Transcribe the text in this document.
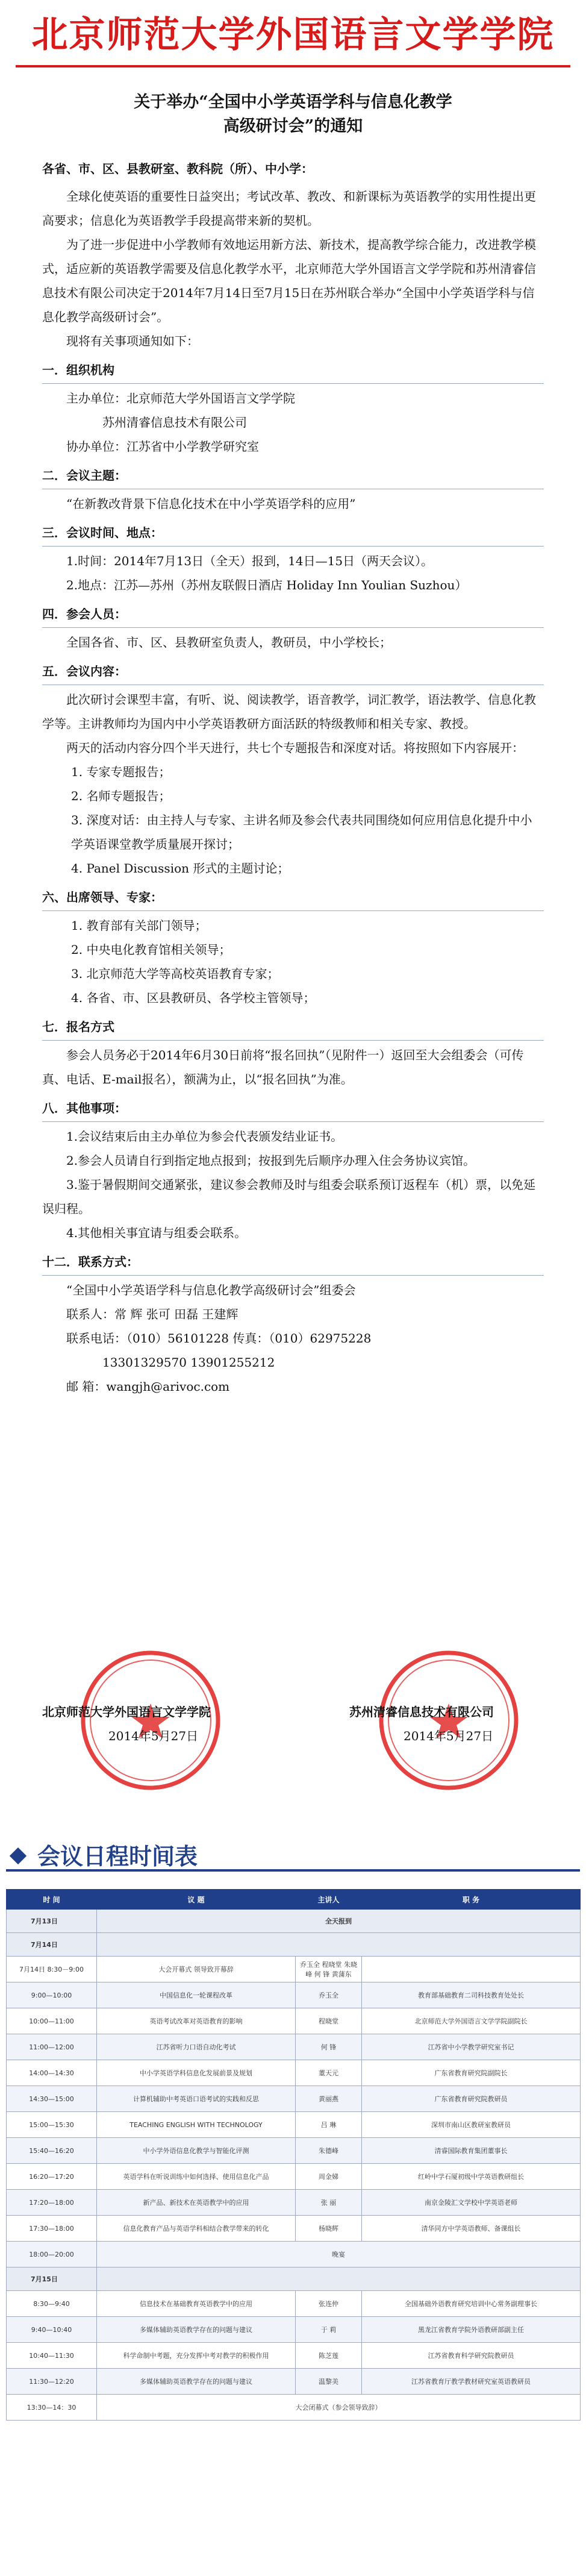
北京师范大学外国语言文学学院
关于举办“全国中小学英语学科与信息化教学
高级研讨会”的通知

各省、市、区、县教研室、教科院（所）、中小学：

全球化使英语的重要性日益突出；考试改革、教改、和新课标为英语教学的实用性提出更高要求；信息化为英语教学手段提高带来新的契机。

为了进一步促进中小学教师有效地运用新方法、新技术，提高教学综合能力，改进教学模式，适应新的英语教学需要及信息化教学水平，北京师范大学外国语言文学学院和苏州清睿信息技术有限公司决定于2014年7月14日至7月15日在苏州联合举办“全国中小学英语学科与信息化教学高级研讨会”。

现将有关事项通知如下：

一．组织机构

主办单位：北京师范大学外国语言文学学院

苏州清睿信息技术有限公司

协办单位：江苏省中小学教学研究室

二．会议主题：

“在新教改背景下信息化技术在中小学英语学科的应用”

三．会议时间、地点：

1.时间：2014年7月13日（全天）报到，14日—15日（两天会议）。

2.地点：江苏—苏州（苏州友联假日酒店 Holiday Inn Youlian Suzhou）

四．参会人员：

全国各省、市、区、县教研室负责人，教研员，中小学校长；

五．会议内容：

此次研讨会课型丰富，有听、说、阅读教学，语音教学，词汇教学，语法教学、信息化教学等。主讲教师均为国内中小学英语教研方面活跃的特级教师和相关专家、教授。

两天的活动内容分四个半天进行，共七个专题报告和深度对话。将按照如下内容展开：

1. 专家专题报告；

2. 名师专题报告；

3. 深度对话：由主持人与专家、主讲名师及参会代表共同围绕如何应用信息化提升中小学英语课堂教学质量展开探讨；

4. Panel Discussion 形式的主题讨论；

六、出席领导、专家：

1. 教育部有关部门领导；

2. 中央电化教育馆相关领导；

3. 北京师范大学等高校英语教育专家；

4. 各省、市、区县教研员、各学校主管领导；

七．报名方式

参会人员务必于2014年6月30日前将“报名回执”（见附件一）返回至大会组委会（可传真、电话、E-mail报名），额满为止，以“报名回执”为准。

八．其他事项：

1.会议结束后由主办单位为参会代表颁发结业证书。

2.参会人员请自行到指定地点报到；按报到先后顺序办理入住会务协议宾馆。

3.鉴于暑假期间交通紧张，建议参会教师及时与组委会联系预订返程车（机）票，以免延误归程。

4.其他相关事宜请与组委会联系。

十二．联系方式：

“全国中小学英语学科与信息化教学高级研讨会”组委会

联系人：常 辉 张可 田磊 王建辉

联系电话：（010）56101228 传真：（010）62975228

13301329570 13901255212

邮 箱：wangjh@arivoc.com

北京师范大学外国语言文学学院
2014年5月27日
苏州清睿信息技术有限公司
2014年5月27日
会议日程时间表
时 间	议 题	主讲人	职 务
7月13日	全天报到		
7月14日			
7月14日 8:30－9:00	大会开幕式 领导致开幕辞	乔玉全 程晓堂 朱晓峰 何 锋 黄蒲东	
9:00—10:00	中国信息化一轮课程改革	乔玉全	教育部基础教育二司科技教育处处长
10:00—11:00	英语考试改革对英语教育的影响	程晓堂	北京师范大学外国语言文学学院副院长
11:00—12:00	江苏省听力口语自动化考试	何 锋	江苏省中小学教学研究室书记
14:00—14:30	中小学英语学科信息化发展前景及规划	董天元	广东省教育研究院副院长
14:30—15:00	计算机辅助中考英语口语考试的实践和反思	黄丽燕	广东省教育研究院教研员
15:00—15:30	TEACHING ENGLISH WITH TECHNOLOGY	吕 琳	深圳市南山区教研室教研员
15:40—16:20	中小学外语信息化教学与智能化评测	朱德峰	清睿国际教育集团董事长
16:20—17:20	英语学科在听说训练中如何选择、使用信息化产品	周金娣	红岭中学石厦初级中学英语教研组长
17:20—18:00	新产品、新技术在英语教学中的应用	张 丽	南京金陵汇文学校中学英语老师
17:30—18:00	信息化教育产品与英语学科相结合教学带来的转化	杨晓辉	清华同方中学英语教师、备课组长
18:00—20:00	晚宴		
7月15日			
8:30—9:40	信息技术在基础教育英语教学中的应用	张连仲	全国基础外语教育研究培训中心常务副理事长
9:40—10:40	多媒体辅助英语教学存在的问题与建议	于 莉	黑龙江省教育学院外语教研部副主任
10:40—11:30	科学命制中考题，充分发挥中考对教学的积极作用	陈芝莲	江苏省教育科学研究院教研员
11:30—12:20	多媒体辅助英语教学存在的问题与建议	温黎美	江苏省教育厅教学教材研究室英语教研员
13:30—14：30	大会闭幕式（参会领导致辞）		
